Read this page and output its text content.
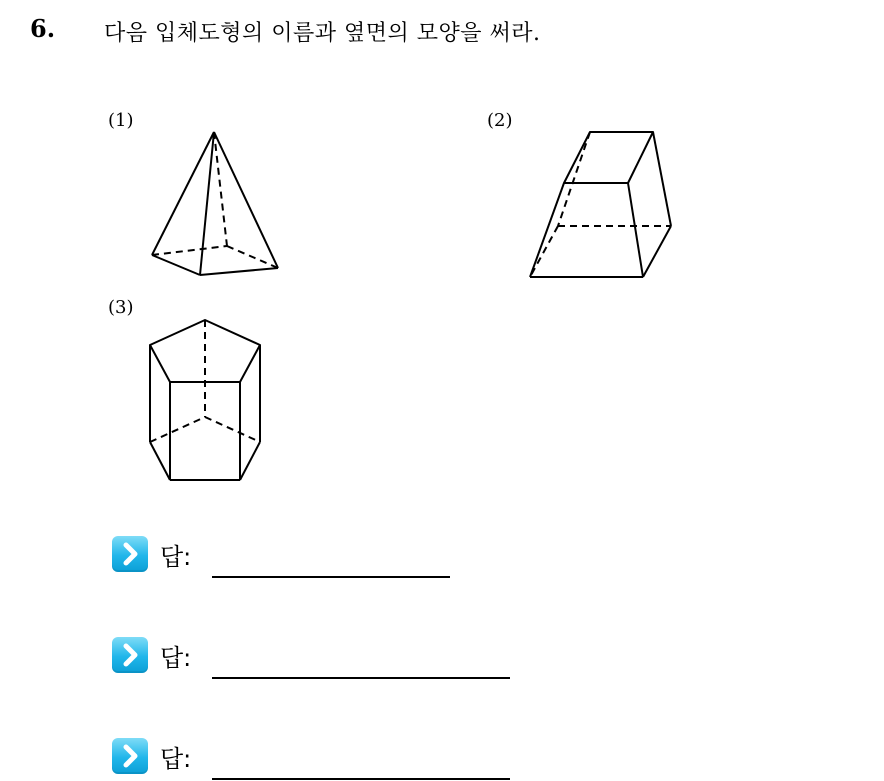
6. 다음 입체도형의 이름과 옆면의 모양을 써라.
(1)	(2)
(3)
답:
답:
답:
